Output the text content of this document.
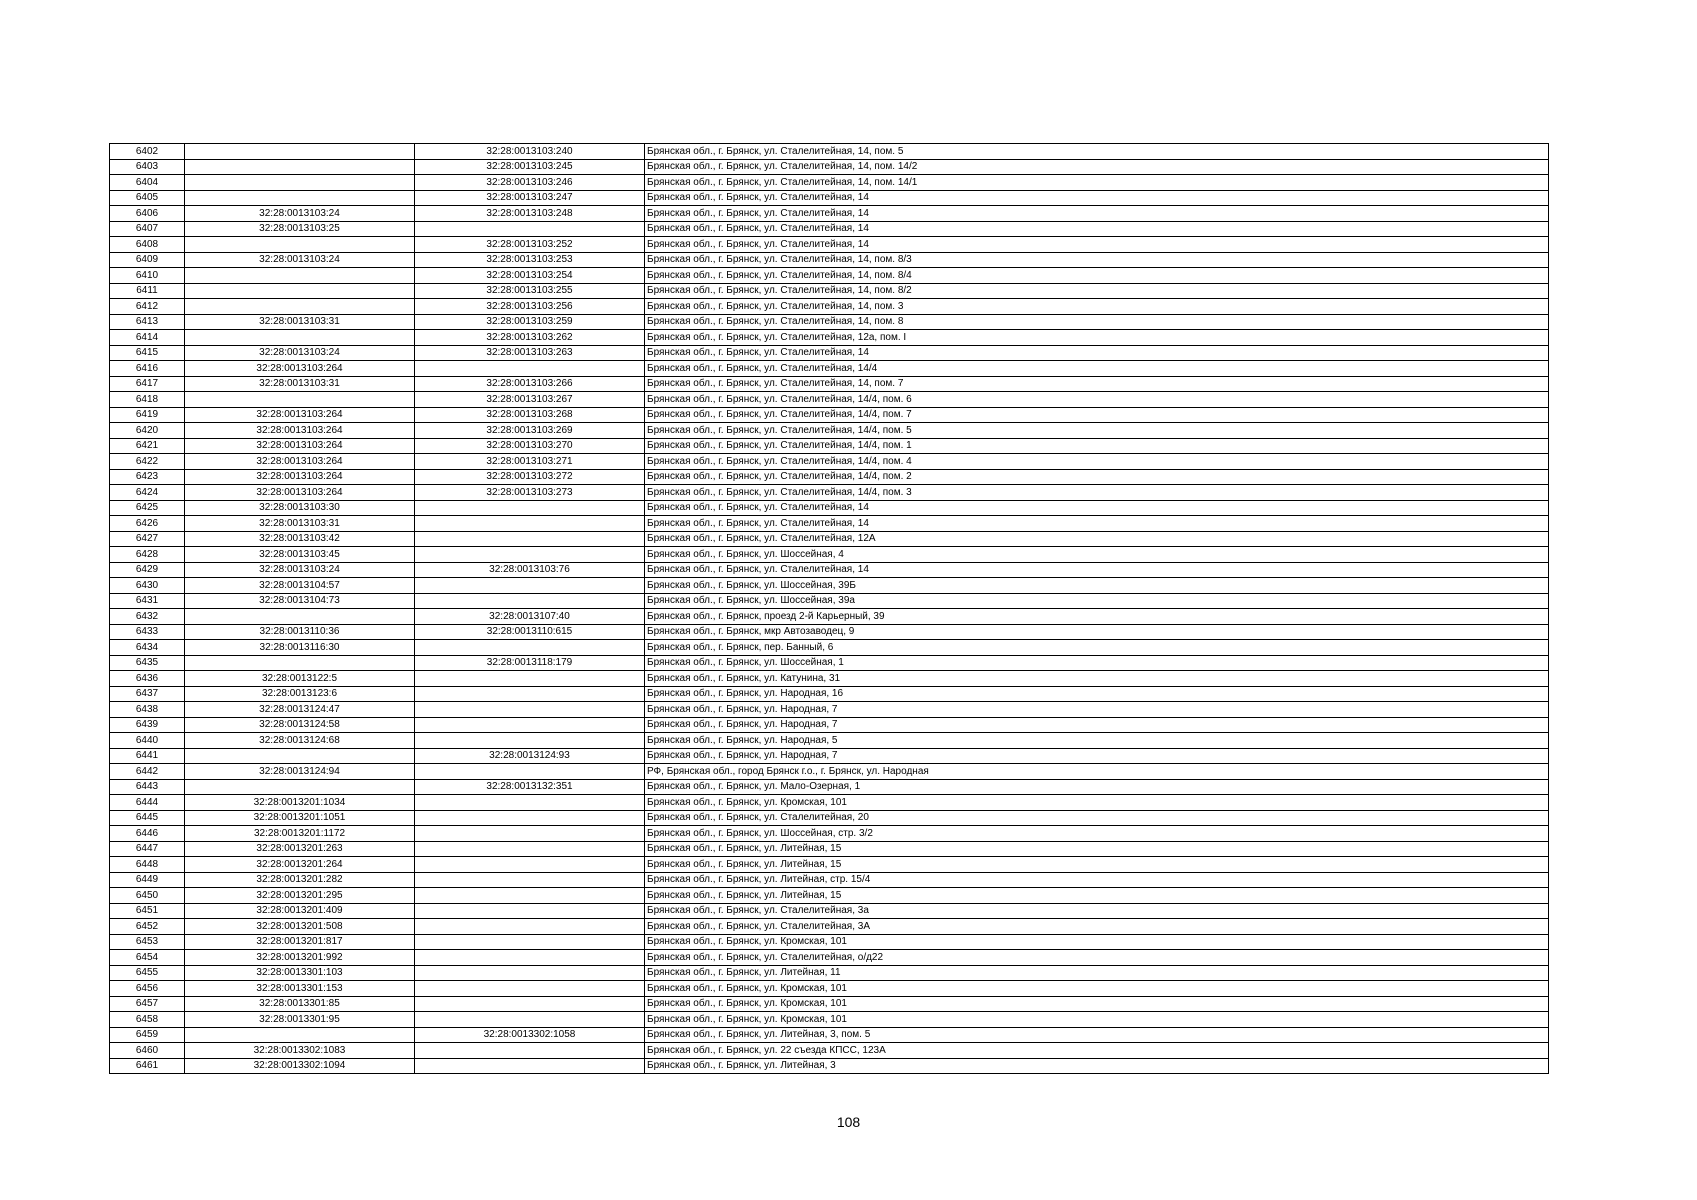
6402		32:28:0013103:240	Брянская обл., г. Брянск, ул. Сталелитейная, 14, пом. 5
6403		32:28:0013103:245	Брянская обл., г. Брянск, ул. Сталелитейная, 14, пом. 14/2
6404		32:28:0013103:246	Брянская обл., г. Брянск, ул. Сталелитейная, 14, пом. 14/1
6405		32:28:0013103:247	Брянская обл., г. Брянск, ул. Сталелитейная, 14
6406	32:28:0013103:24	32:28:0013103:248	Брянская обл., г. Брянск, ул. Сталелитейная, 14
6407	32:28:0013103:25		Брянская обл., г. Брянск, ул. Сталелитейная, 14
6408		32:28:0013103:252	Брянская обл., г. Брянск, ул. Сталелитейная, 14
6409	32:28:0013103:24	32:28:0013103:253	Брянская обл., г. Брянск, ул. Сталелитейная, 14, пом. 8/3
6410		32:28:0013103:254	Брянская обл., г. Брянск, ул. Сталелитейная, 14, пом. 8/4
6411		32:28:0013103:255	Брянская обл., г. Брянск, ул. Сталелитейная, 14, пом. 8/2
6412		32:28:0013103:256	Брянская обл., г. Брянск, ул. Сталелитейная, 14, пом. 3
6413	32:28:0013103:31	32:28:0013103:259	Брянская обл., г. Брянск, ул. Сталелитейная, 14, пом. 8
6414		32:28:0013103:262	Брянская обл., г. Брянск, ул. Сталелитейная, 12а, пом. I
6415	32:28:0013103:24	32:28:0013103:263	Брянская обл., г. Брянск, ул. Сталелитейная, 14
6416	32:28:0013103:264		Брянская обл., г. Брянск, ул. Сталелитейная, 14/4
6417	32:28:0013103:31	32:28:0013103:266	Брянская обл., г. Брянск, ул. Сталелитейная, 14, пом. 7
6418		32:28:0013103:267	Брянская обл., г. Брянск, ул. Сталелитейная, 14/4, пом. 6
6419	32:28:0013103:264	32:28:0013103:268	Брянская обл., г. Брянск, ул. Сталелитейная, 14/4, пом. 7
6420	32:28:0013103:264	32:28:0013103:269	Брянская обл., г. Брянск, ул. Сталелитейная, 14/4, пом. 5
6421	32:28:0013103:264	32:28:0013103:270	Брянская обл., г. Брянск, ул. Сталелитейная, 14/4, пом. 1
6422	32:28:0013103:264	32:28:0013103:271	Брянская обл., г. Брянск, ул. Сталелитейная, 14/4, пом. 4
6423	32:28:0013103:264	32:28:0013103:272	Брянская обл., г. Брянск, ул. Сталелитейная, 14/4, пом. 2
6424	32:28:0013103:264	32:28:0013103:273	Брянская обл., г. Брянск, ул. Сталелитейная, 14/4, пом. 3
6425	32:28:0013103:30		Брянская обл., г. Брянск, ул. Сталелитейная, 14
6426	32:28:0013103:31		Брянская обл., г. Брянск, ул. Сталелитейная, 14
6427	32:28:0013103:42		Брянская обл., г. Брянск, ул. Сталелитейная, 12А
6428	32:28:0013103:45		Брянская обл., г. Брянск, ул. Шоссейная, 4
6429	32:28:0013103:24	32:28:0013103:76	Брянская обл., г. Брянск, ул. Сталелитейная, 14
6430	32:28:0013104:57		Брянская обл., г. Брянск, ул. Шоссейная, 39Б
6431	32:28:0013104:73		Брянская обл., г. Брянск, ул. Шоссейная, 39а
6432		32:28:0013107:40	Брянская обл., г. Брянск, проезд 2-й Карьерный, 39
6433	32:28:0013110:36	32:28:0013110:615	Брянская обл., г. Брянск, мкр Автозаводец, 9
6434	32:28:0013116:30		Брянская обл., г. Брянск, пер. Банный, 6
6435		32:28:0013118:179	Брянская обл., г. Брянск, ул. Шоссейная, 1
6436	32:28:0013122:5		Брянская обл., г. Брянск, ул. Катунина, 31
6437	32:28:0013123:6		Брянская обл., г. Брянск, ул. Народная, 16
6438	32:28:0013124:47		Брянская обл., г. Брянск, ул. Народная, 7
6439	32:28:0013124:58		Брянская обл., г. Брянск, ул. Народная, 7
6440	32:28:0013124:68		Брянская обл., г. Брянск, ул. Народная, 5
6441		32:28:0013124:93	Брянская обл., г. Брянск, ул. Народная, 7
6442	32:28:0013124:94		РФ, Брянская обл., город Брянск г.о., г. Брянск, ул. Народная
6443		32:28:0013132:351	Брянская обл., г. Брянск, ул. Мало-Озерная, 1
6444	32:28:0013201:1034		Брянская обл., г. Брянск, ул. Кромская, 101
6445	32:28:0013201:1051		Брянская обл., г. Брянск, ул. Сталелитейная, 20
6446	32:28:0013201:1172		Брянская обл., г. Брянск, ул. Шоссейная, стр. 3/2
6447	32:28:0013201:263		Брянская обл., г. Брянск, ул. Литейная, 15
6448	32:28:0013201:264		Брянская обл., г. Брянск, ул. Литейная, 15
6449	32:28:0013201:282		Брянская обл., г. Брянск, ул. Литейная, стр. 15/4
6450	32:28:0013201:295		Брянская обл., г. Брянск, ул. Литейная, 15
6451	32:28:0013201:409		Брянская обл., г. Брянск, ул. Сталелитейная, 3а
6452	32:28:0013201:508		Брянская обл., г. Брянск, ул. Сталелитейная, 3А
6453	32:28:0013201:817		Брянская обл., г. Брянск, ул. Кромская, 101
6454	32:28:0013201:992		Брянская обл., г. Брянск, ул. Сталелитейная, о/д22
6455	32:28:0013301:103		Брянская обл., г. Брянск, ул. Литейная, 11
6456	32:28:0013301:153		Брянская обл., г. Брянск, ул. Кромская, 101
6457	32:28:0013301:85		Брянская обл., г. Брянск, ул. Кромская, 101
6458	32:28:0013301:95		Брянская обл., г. Брянск, ул. Кромская, 101
6459		32:28:0013302:1058	Брянская обл., г. Брянск, ул. Литейная, 3, пом. 5
6460	32:28:0013302:1083		Брянская обл., г. Брянск, ул. 22 съезда КПСС, 123А
6461	32:28:0013302:1094		Брянская обл., г. Брянск, ул. Литейная, 3
108
